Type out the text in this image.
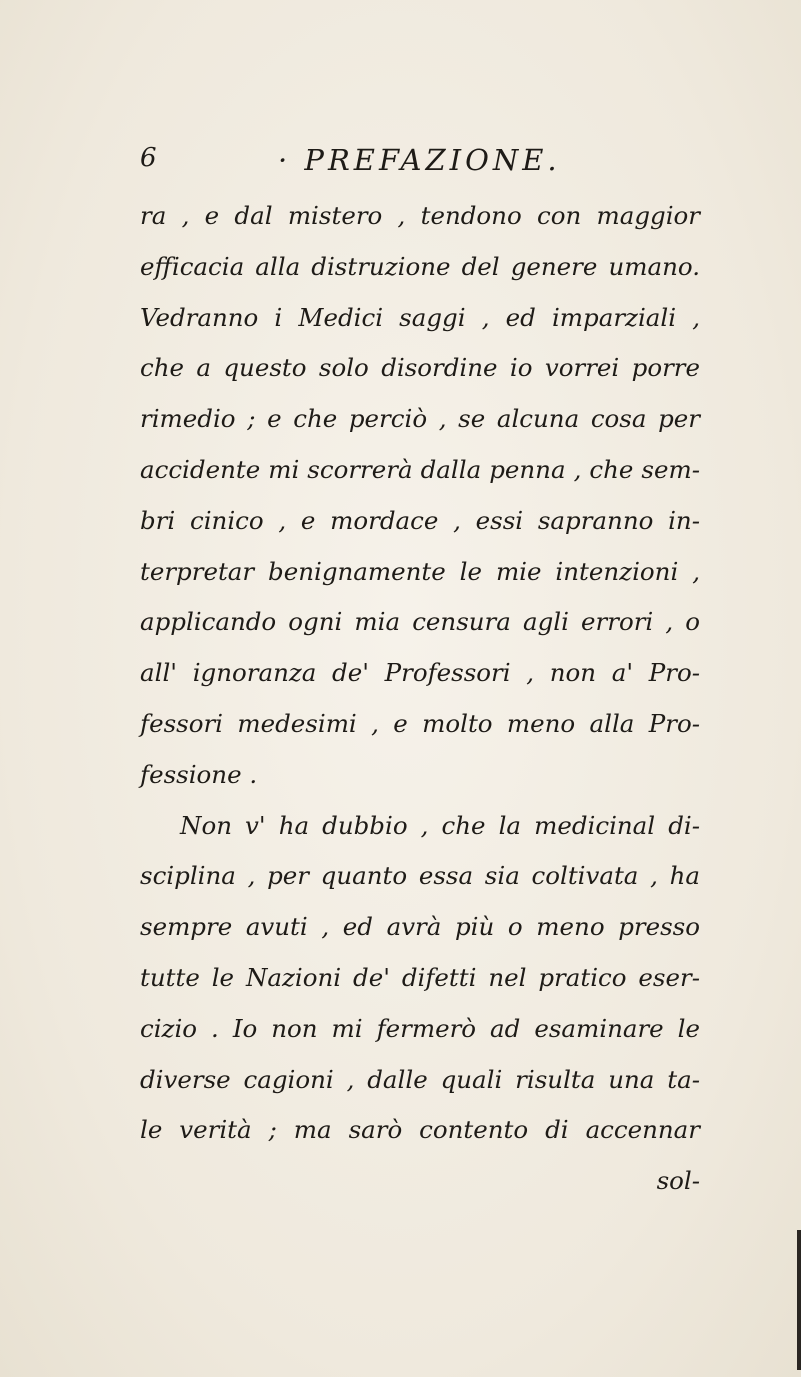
6	· PREFAZIONE.
ra , e dal mistero , tendono con maggior
efficacia alla distruzione del genere umano.
Vedranno i Medici saggi , ed imparziali ,
che a questo solo disordine io vorrei porre
rimedio ; e che perciò , se alcuna cosa per
accidente mi scorrerà dalla penna , che sem-
bri cinico , e mordace , essi sapranno in-
terpretar benignamente le mie intenzioni ,
applicando ogni mia censura agli errori , o
all' ignoranza de' Professori , non a' Pro-
fessori medesimi , e molto meno alla Pro-
fessione .
Non v' ha dubbio , che la medicinal di-
sciplina , per quanto essa sia coltivata , ha
sempre avuti , ed avrà più o meno presso
tutte le Nazioni de' difetti nel pratico eser-
cizio . Io non mi fermerò ad esaminare le
diverse cagioni , dalle quali risulta una ta-
le verità ; ma sarò contento di accennar
sol-
